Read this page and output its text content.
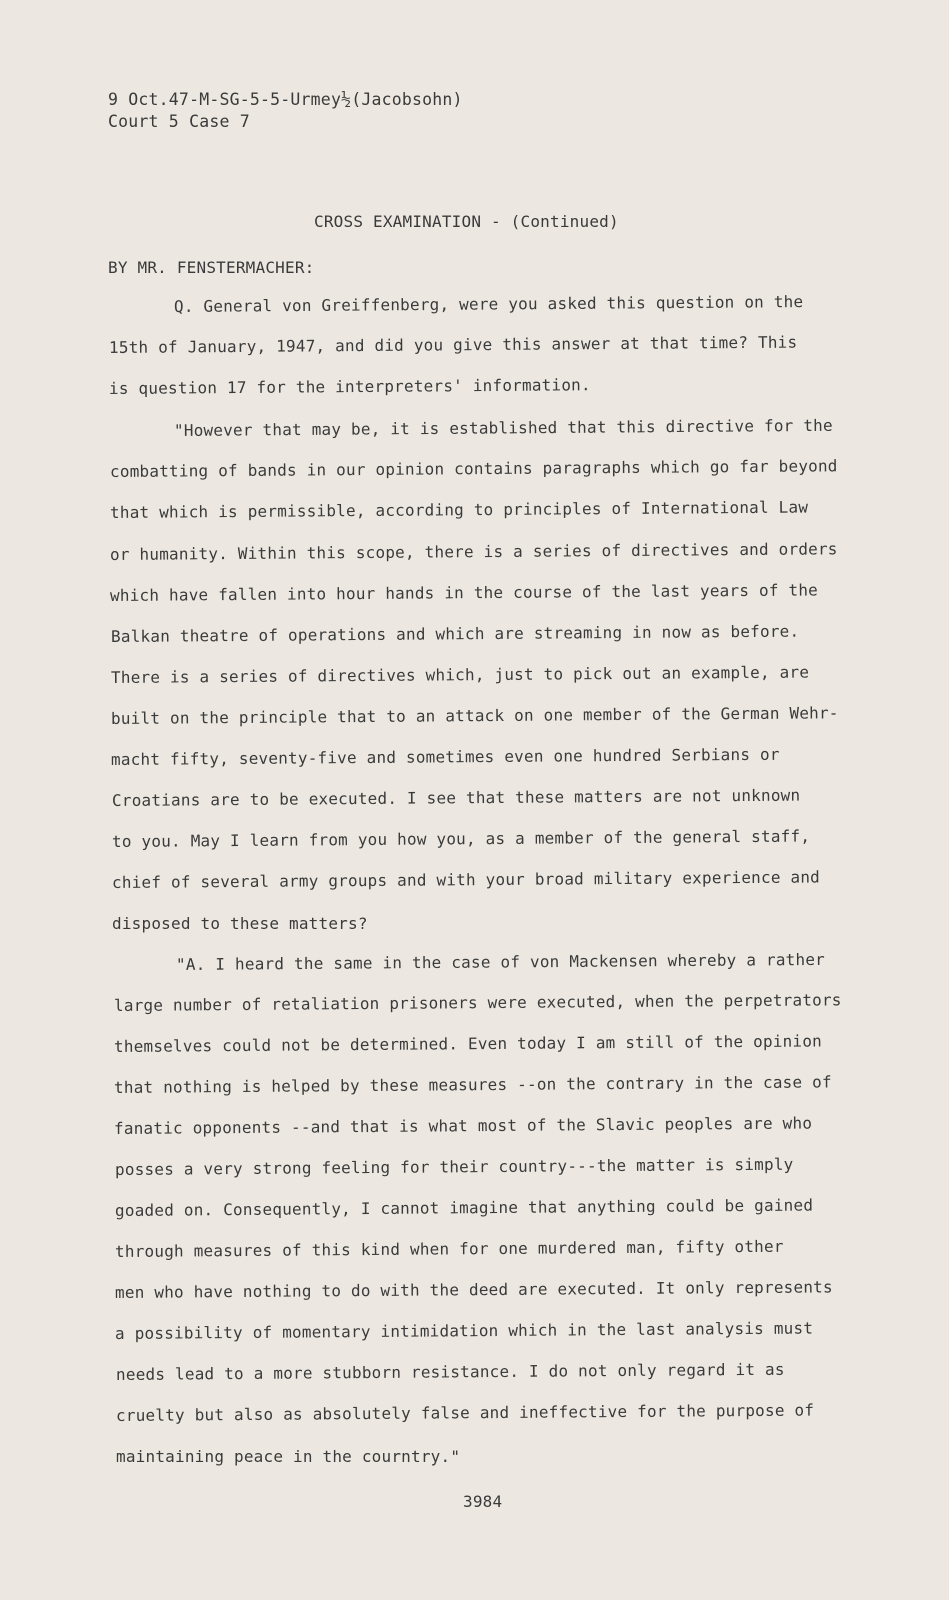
9 Oct.47-M-SG-5-5-Urmey½(Jacobsohn)
Court 5 Case 7
CROSS EXAMINATION - (Continued)
BY MR. FENSTERMACHER:
Q. General von Greiffenberg, were you asked this question on the
15th of January, 1947, and did you give this answer at that time? This
is question 17 for the interpreters' information.
"However that may be, it is established that this directive for the
combatting of bands in our opinion contains paragraphs which go far beyond
that which is permissible, according to principles of International Law
or humanity. Within this scope, there is a series of directives and orders
which have fallen into hour hands in the course of the last years of the
Balkan theatre of operations and which are streaming in now as before.
There is a series of directives which, just to pick out an example, are
built on the principle that to an attack on one member of the German Wehr-
macht fifty, seventy-five and sometimes even one hundred Serbians or
Croatians are to be executed. I see that these matters are not unknown
to you. May I learn from you how you, as a member of the general staff,
chief of several army groups and with your broad military experience and
disposed to these matters?
"A. I heard the same in the case of von Mackensen whereby a rather
large number of retaliation prisoners were executed, when the perpetrators
themselves could not be determined. Even today I am still of the opinion
that nothing is helped by these measures --on the contrary in the case of
fanatic opponents --and that is what most of the Slavic peoples are who
posses a very strong feeling for their country---the matter is simply
goaded on. Consequently, I cannot imagine that anything could be gained
through measures of this kind when for one murdered man, fifty other
men who have nothing to do with the deed are executed. It only represents
a possibility of momentary intimidation which in the last analysis must
needs lead to a more stubborn resistance. I do not only regard it as
cruelty but also as absolutely false and ineffective for the purpose of
maintaining peace in the courntry."
3984
